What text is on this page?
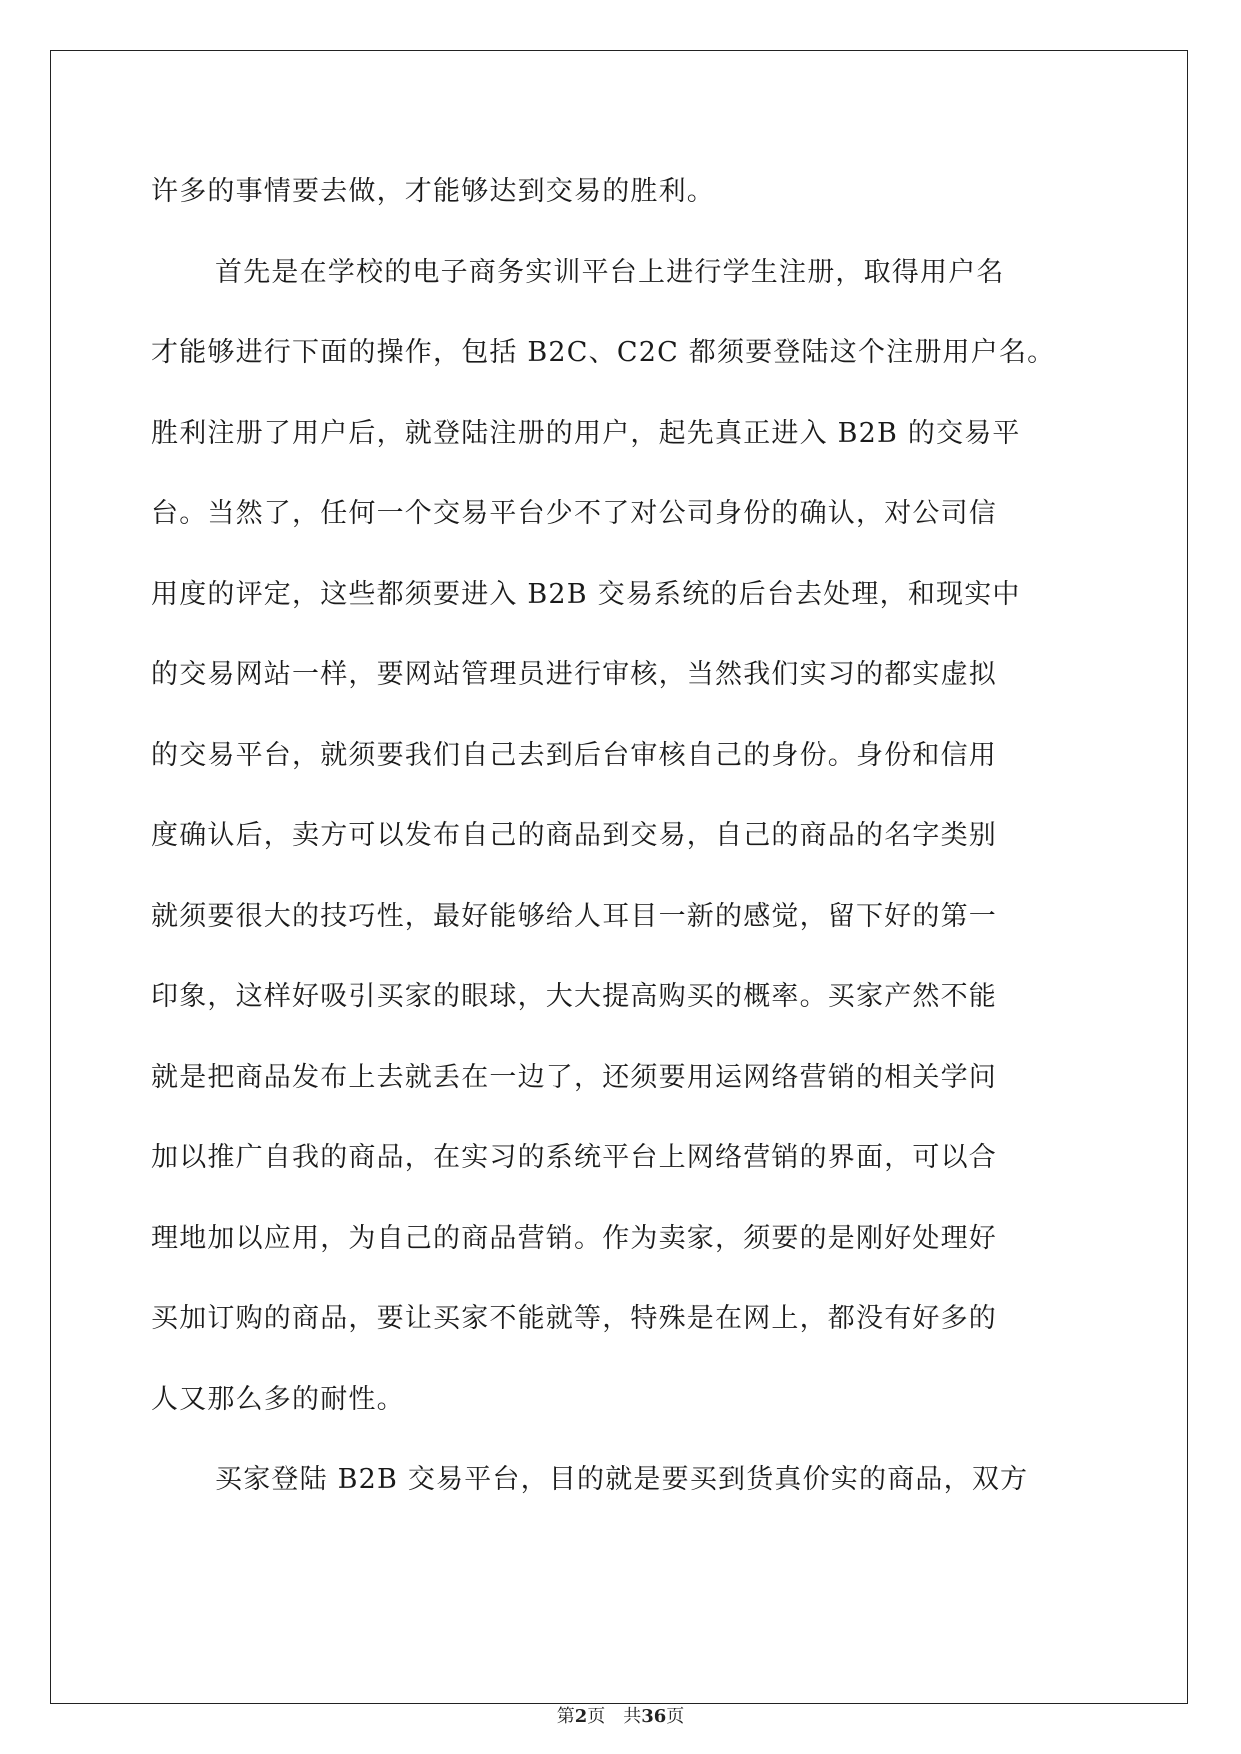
许多的事情要去做，才能够达到交易的胜利。
首先是在学校的电子商务实训平台上进行学生注册，取得用户名
才能够进行下面的操作，包括 B2C、C2C 都须要登陆这个注册用户名。
胜利注册了用户后，就登陆注册的用户，起先真正进入 B2B 的交易平
台。当然了，任何一个交易平台少不了对公司身份的确认，对公司信
用度的评定，这些都须要进入 B2B 交易系统的后台去处理，和现实中
的交易网站一样，要网站管理员进行审核，当然我们实习的都实虚拟
的交易平台，就须要我们自己去到后台审核自己的身份。身份和信用
度确认后，卖方可以发布自己的商品到交易，自己的商品的名字类别
就须要很大的技巧性，最好能够给人耳目一新的感觉，留下好的第一
印象，这样好吸引买家的眼球，大大提高购买的概率。买家产然不能
就是把商品发布上去就丢在一边了，还须要用运网络营销的相关学问
加以推广自我的商品，在实习的系统平台上网络营销的界面，可以合
理地加以应用，为自己的商品营销。作为卖家，须要的是刚好处理好
买加订购的商品，要让买家不能就等，特殊是在网上，都没有好多的
人又那么多的耐性。
买家登陆 B2B 交易平台，目的就是要买到货真价实的商品，双方
第2页　共36页
